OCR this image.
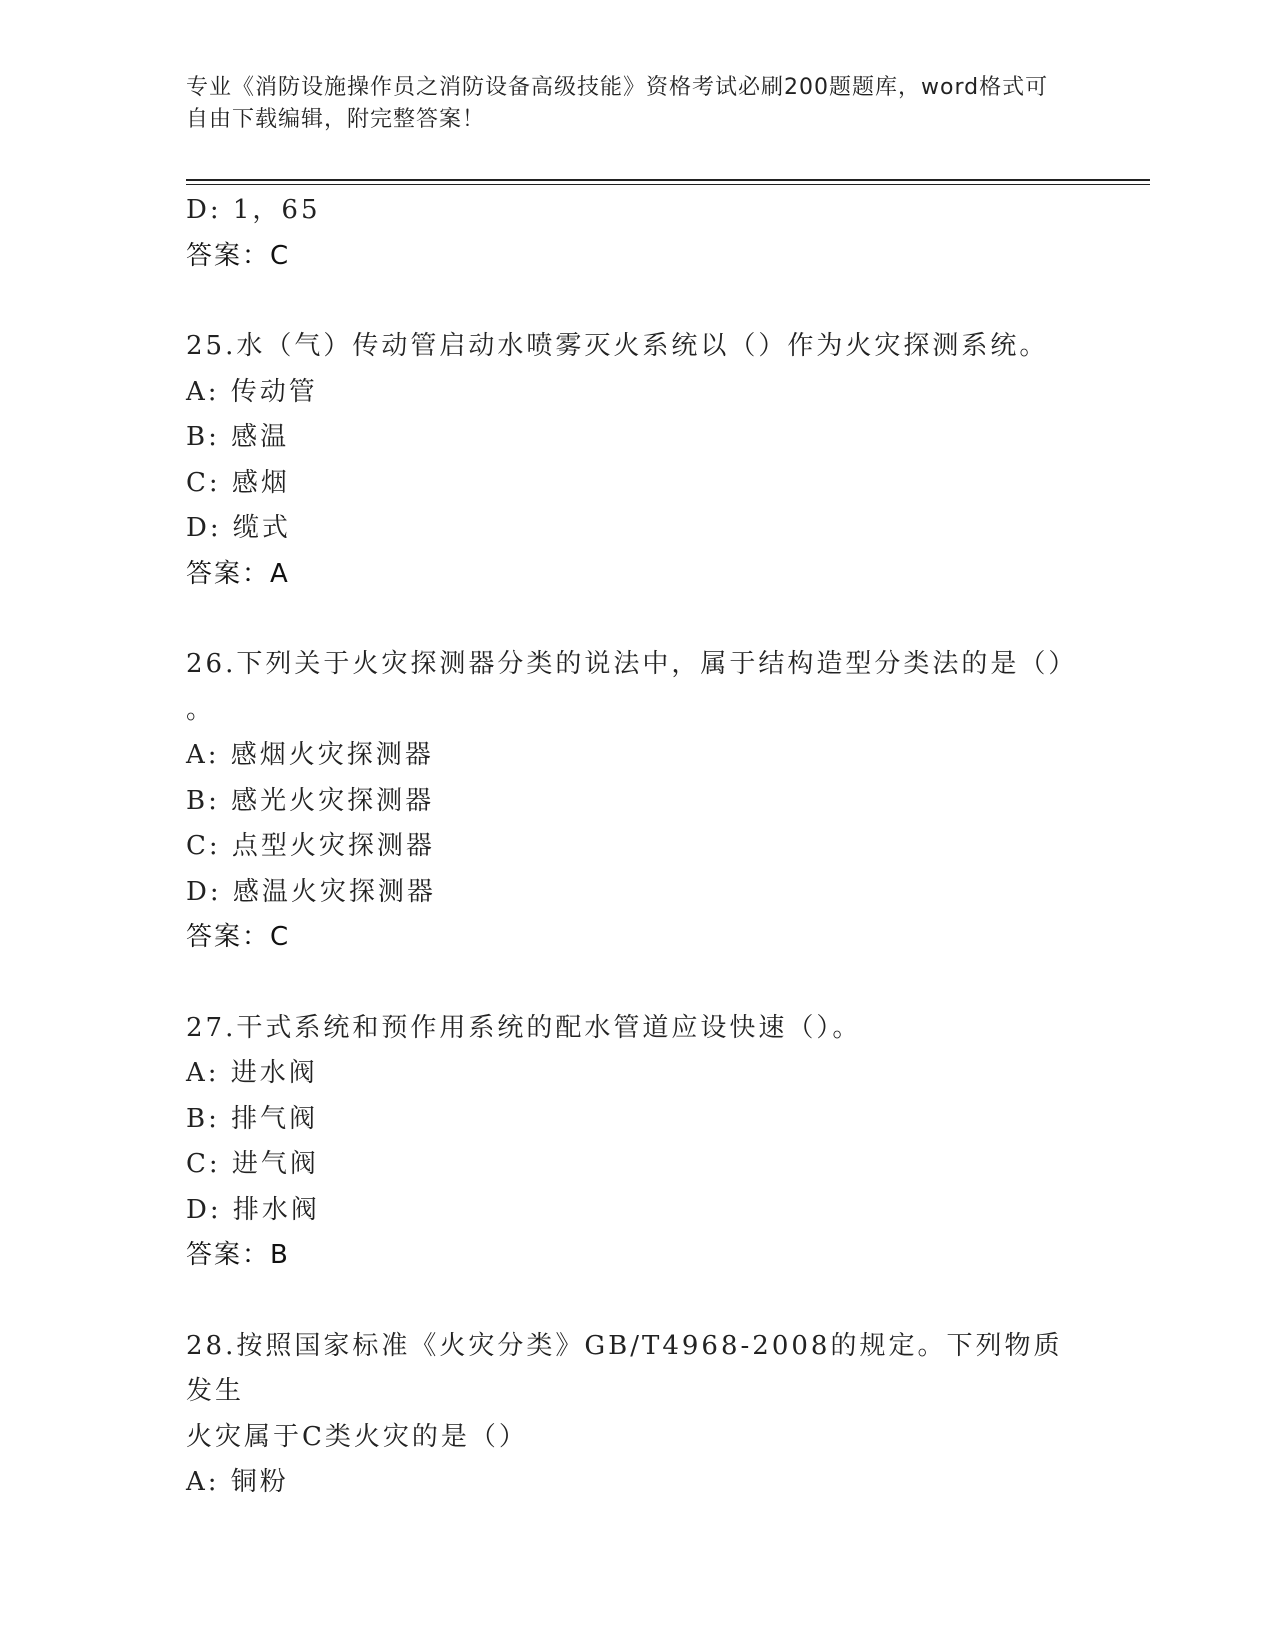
专业《消防设施操作员之消防设备高级技能》资格考试必刷200题题库，word格式可自由下载编辑，附完整答案！
D: 1，65
答案：C
25.水（气）传动管启动水喷雾灭火系统以（）作为火灾探测系统。
A: 传动管
B: 感温
C: 感烟
D: 缆式
答案：A
26.下列关于火灾探测器分类的说法中，属于结构造型分类法的是（）
。
A: 感烟火灾探测器
B: 感光火灾探测器
C: 点型火灾探测器
D: 感温火灾探测器
答案：C
27.干式系统和预作用系统的配水管道应设快速（）。
A: 进水阀
B: 排气阀
C: 进气阀
D: 排水阀
答案：B
28.按照国家标准《火灾分类》GB/T4968-2008的规定。下列物质发生
火灾属于C类火灾的是（）
A: 铜粉
